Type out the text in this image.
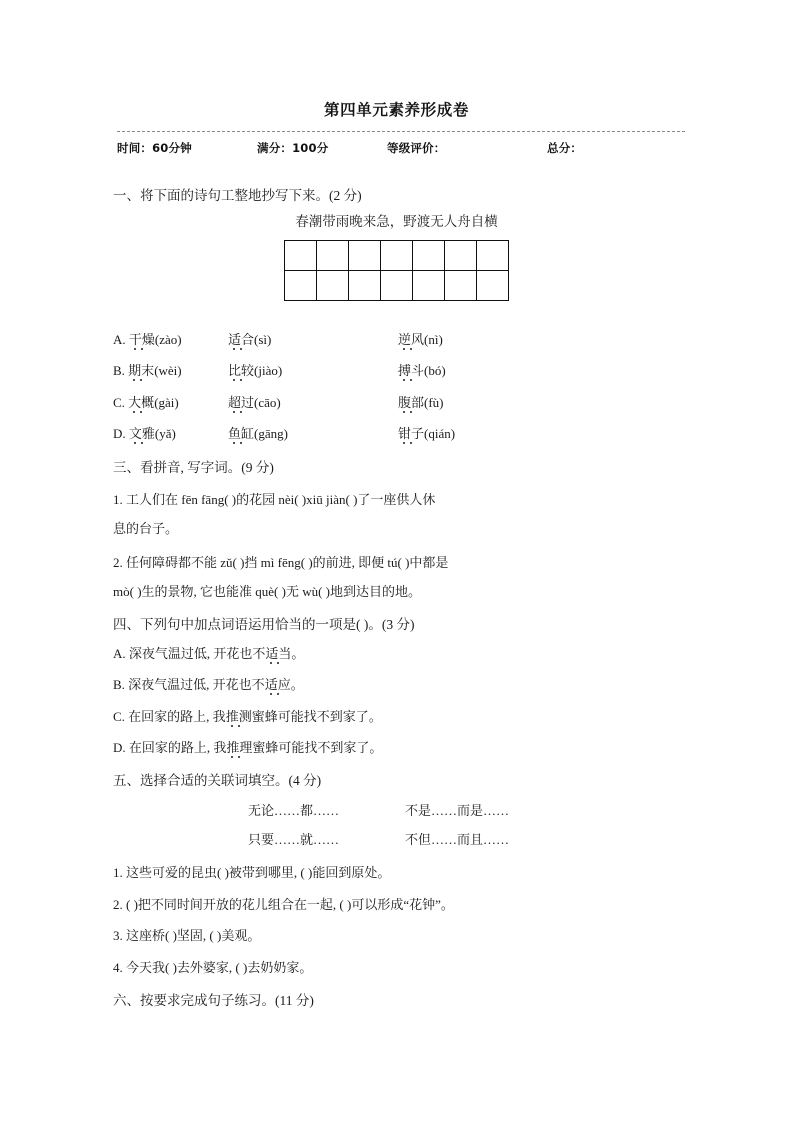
第四单元素养形成卷
时间：60分钟	满分：100分	等级评价：	总分：
一、将下面的诗句工整地抄写下来。(2 分)
春潮带雨晚来急，野渡无人舟自横

A. 干燥(zào)	适合(sì)	逆风(nì)
B. 期末(wèi)	比较(jiào)	搏斗(bó)
C. 大概(gài)	超过(cāo)	腹部(fù)
D. 文雅(yǎ)	鱼缸(gāng)	钳子(qián)
三、看拼音, 写字词。(9 分)
1. 工人们在 fēn fāng( )的花园 nèi( )xiū jiàn( )了一座供人休
息的台子。
2. 任何障碍都不能 zǔ( )挡 mì fēng( )的前进, 即便 tú( )中都是
mò( )生的景物, 它也能准 què( )无 wù( )地到达目的地。
四、下列句中加点词语运用恰当的一项是( )。(3 分)
A. 深夜气温过低, 开花也不适当。
B. 深夜气温过低, 开花也不适应。
C. 在回家的路上, 我推测蜜蜂可能找不到家了。
D. 在回家的路上, 我推理蜜蜂可能找不到家了。
五、选择合适的关联词填空。(4 分)
无论……都……	不是……而是……
只要……就……	不但……而且……
1. 这些可爱的昆虫( )被带到哪里, ( )能回到原处。
2. ( )把不同时间开放的花儿组合在一起, ( )可以形成“花钟”。
3. 这座桥( )坚固, ( )美观。
4. 今天我( )去外婆家, ( )去奶奶家。
六、按要求完成句子练习。(11 分)
